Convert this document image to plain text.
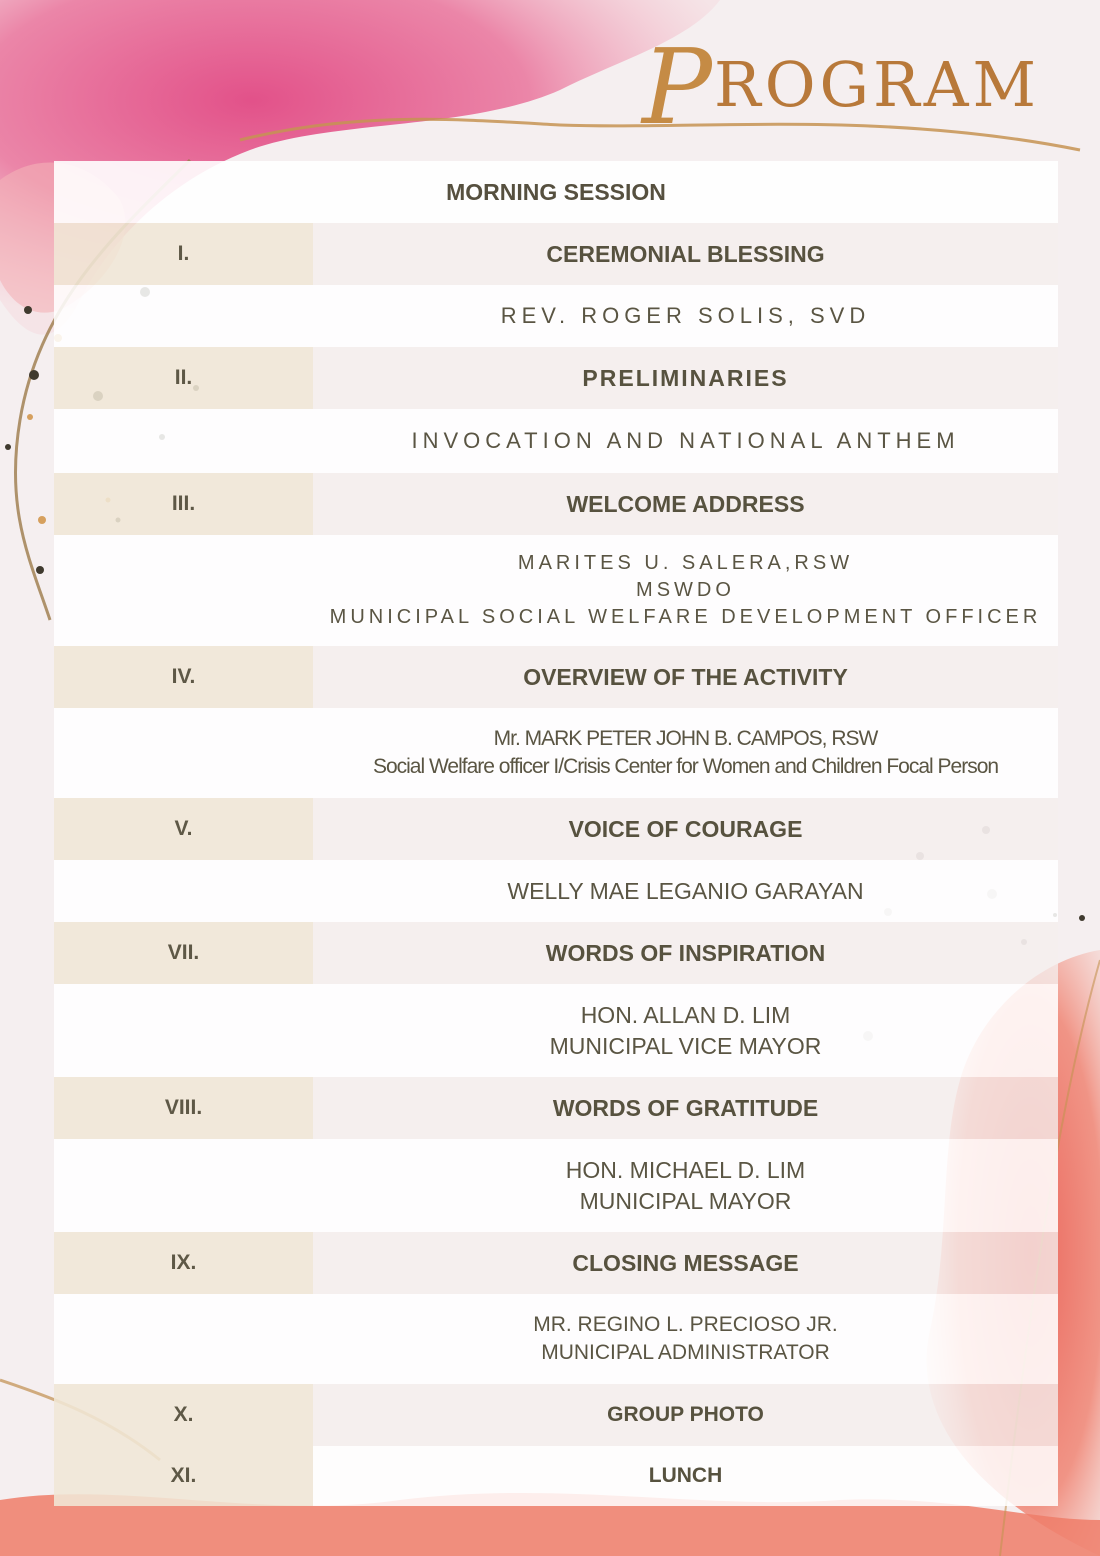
P
ROGRAM
MORNING SESSION	
I.	CEREMONIAL BLESSING

	REV. ROGER SOLIS, SVD

II.	PRELIMINARIES

	INVOCATION AND NATIONAL ANTHEM

III.	WELCOME ADDRESS

	MARITES U. SALERA,RSW
MSWDO
MUNICIPAL SOCIAL WELFARE DEVELOPMENT OFFICER

IV.	OVERVIEW OF THE ACTIVITY

	Mr. MARK PETER JOHN B. CAMPOS, RSW
Social Welfare officer I/Crisis Center for Women and Children Focal Person

V.	VOICE OF COURAGE

	WELLY MAE LEGANIO GARAYAN

VII.	WORDS OF INSPIRATION

	HON. ALLAN D. LIM
MUNICIPAL VICE MAYOR

VIII.	WORDS OF GRATITUDE

	HON. MICHAEL D. LIM
MUNICIPAL MAYOR

IX.	CLOSING MESSAGE

	MR. REGINO L. PRECIOSO JR.
MUNICIPAL ADMINISTRATOR

X.	GROUP PHOTO
XI.	LUNCH
